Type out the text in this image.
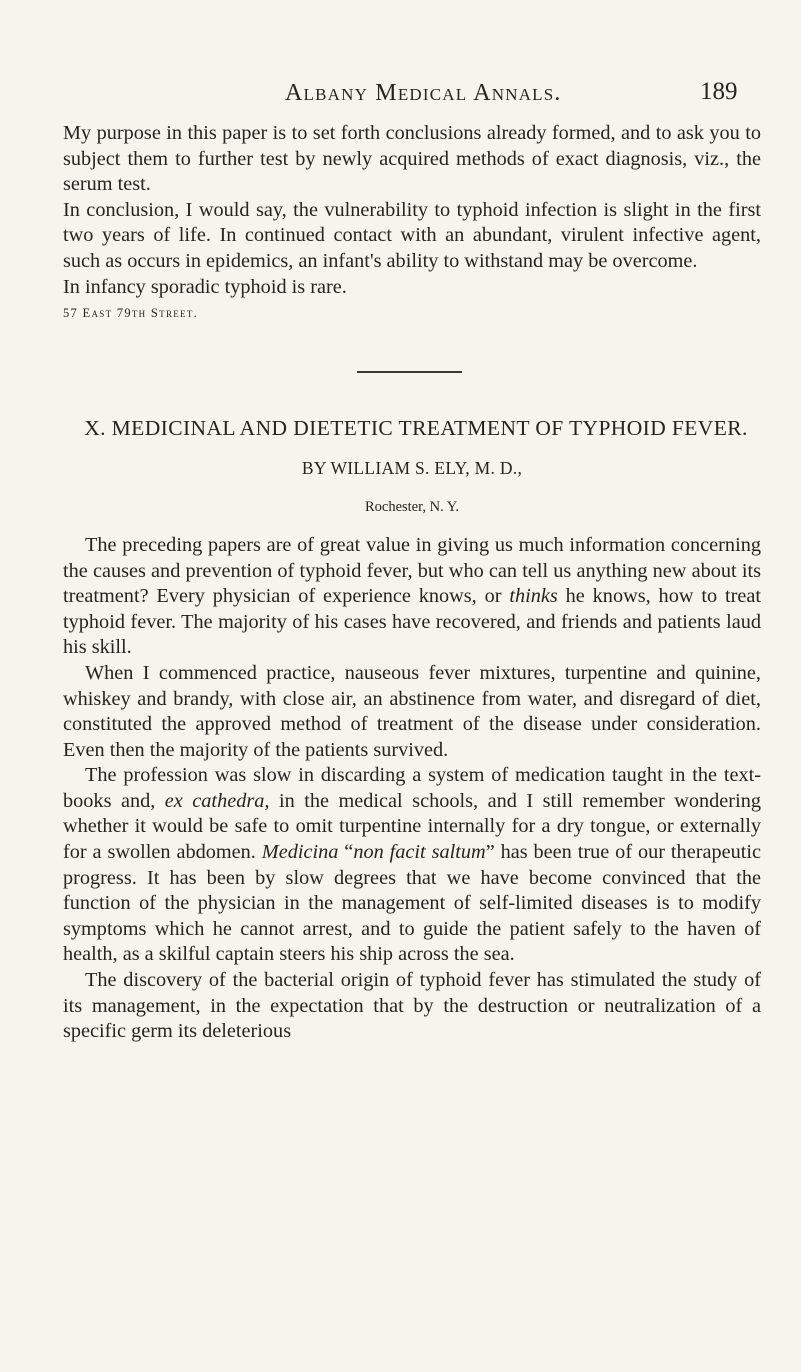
Albany Medical Annals.	189

My purpose in this paper is to set forth conclusions already formed, and to ask you to subject them to further test by newly acquired methods of exact diagnosis, viz., the serum test.

In conclusion, I would say, the vulnerability to typhoid infection is slight in the first two years of life. In continued contact with an abundant, virulent infective agent, such as occurs in epidemics, an infant's ability to withstand may be overcome.

In infancy sporadic typhoid is rare.

57 East 79th Street.

X. MEDICINAL AND DIETETIC TREATMENT OF TYPHOID FEVER.

BY WILLIAM S. ELY, M. D.,

Rochester, N. Y.

The preceding papers are of great value in giving us much information concerning the causes and prevention of typhoid fever, but who can tell us anything new about its treatment? Every physician of experience knows, or thinks he knows, how to treat typhoid fever. The majority of his cases have recovered, and friends and patients laud his skill.

When I commenced practice, nauseous fever mixtures, turpentine and quinine, whiskey and brandy, with close air, an abstinence from water, and disregard of diet, constituted the approved method of treatment of the disease under consideration. Even then the majority of the patients survived.

The profession was slow in discarding a system of medication taught in the text-books and, ex cathedra, in the medical schools, and I still remember wondering whether it would be safe to omit turpentine internally for a dry tongue, or externally for a swollen abdomen. Medicina “non facit saltum” has been true of our therapeutic progress. It has been by slow degrees that we have become convinced that the function of the physician in the management of self-limited diseases is to modify symptoms which he cannot arrest, and to guide the patient safely to the haven of health, as a skilful captain steers his ship across the sea.

The discovery of the bacterial origin of typhoid fever has stimulated the study of its management, in the expectation that by the destruction or neutralization of a specific germ its deleterious
